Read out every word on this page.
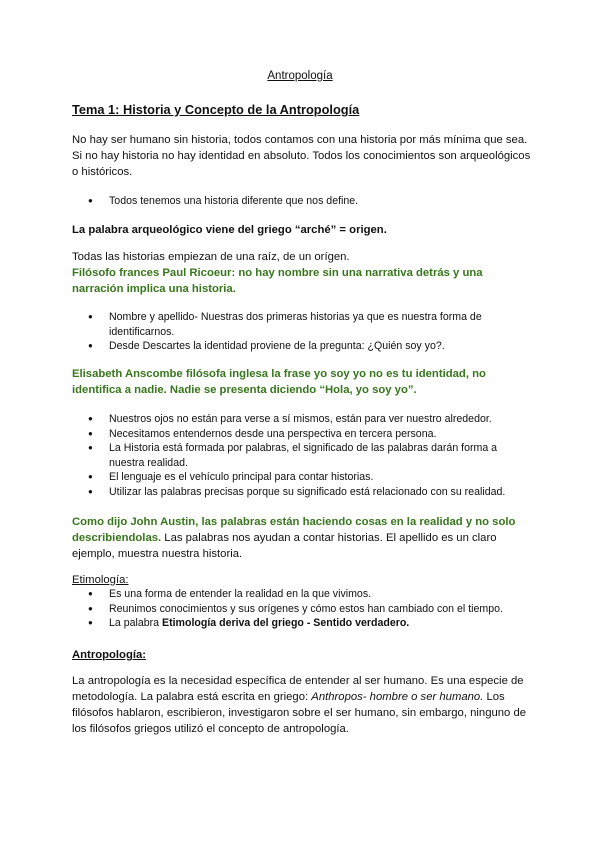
Antropología
Tema 1: Historia y Concepto de la Antropología

No hay ser humano sin historia, todos contamos con una historia por más mínima que sea. Si no hay historia no hay identidad en absoluto. Todos los conocimientos son arqueológicos o históricos.

● Todos tenemos una historia diferente que nos define.

La palabra arqueológico viene del griego “arché” = origen.

Todas las historias empiezan de una raíz, de un orígen.

Filósofo frances Paul Ricoeur: no hay nombre sin una narrativa detrás y una narración implica una historia.

● Nombre y apellido- Nuestras dos primeras historias ya que es nuestra forma de identificarnos.
● Desde Descartes la identidad proviene de la pregunta: ¿Quién soy yo?.

Elisabeth Anscombe filósofa inglesa la frase yo soy yo no es tu identidad, no identifica a nadie. Nadie se presenta diciendo “Hola, yo soy yo”.

● Nuestros ojos no están para verse a sí mismos, están para ver nuestro alrededor.
● Necesitamos entendernos desde una perspectiva en tercera persona.
● La Historia está formada por palabras, el significado de las palabras darán forma a nuestra realidad.
● El lenguaje es el vehículo principal para contar historias.
● Utilizar las palabras precisas porque su significado está relacionado con su realidad.

Como dijo John Austin, las palabras están haciendo cosas en la realidad y no solo describiendolas. Las palabras nos ayudan a contar historias. El apellido es un claro ejemplo, muestra nuestra historia.

Etimología:

● Es una forma de entender la realidad en la que vivimos.
● Reunimos conocimientos y sus orígenes y cómo estos han cambiado con el tiempo.
● La palabra Etimología deriva del griego - Sentido verdadero.

Antropología:

La antropología es la necesidad específica de entender al ser humano. Es una especie de metodología. La palabra está escrita en griego: Anthropos- hombre o ser humano. Los filósofos hablaron, escribieron, investigaron sobre el ser humano, sin embargo, ninguno de los filósofos griegos utilizó el concepto de antropología.
